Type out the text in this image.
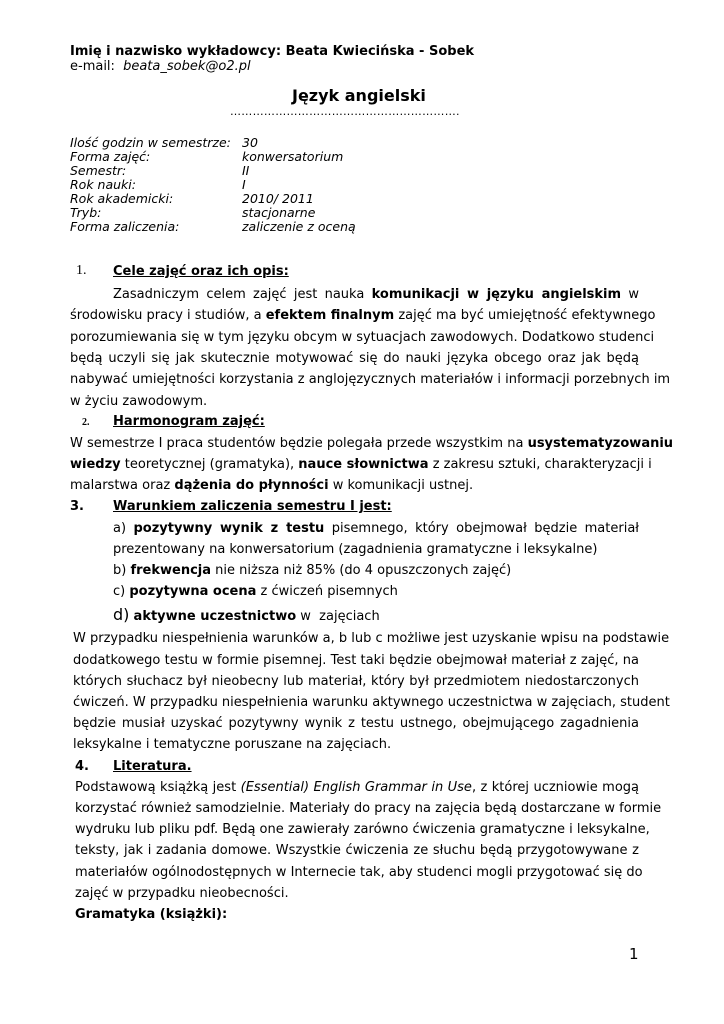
Imię i nazwisko wykładowcy: Beata Kwiecińska - Sobek
e-mail: beata_sobek@o2.pl
Język angielski
…………………………………………………….
Ilość godzin w semestrze: 30
Forma zajęć:	konwersatorium
Semestr:	II
Rok nauki:	I
Rok akademicki:	2010/ 2011
Tryb:	stacjonarne
Forma zaliczenia:	zaliczenie z oceną
1. Cele zajęć oraz ich opis:
Zasadniczym celem zajęć jest nauka komunikacji w języku angielskim w
środowisku pracy i studiów, a efektem finalnym zajęć ma być umiejętność efektywnego
porozumiewania się w tym języku obcym w sytuacjach zawodowych. Dodatkowo studenci
będą uczyli się jak skutecznie motywować się do nauki języka obcego oraz jak będą
nabywać umiejętności korzystania z anglojęzycznych materiałów i informacji porzebnych im
w życiu zawodowym.
2. Harmonogram zajęć:
W semestrze I praca studentów będzie polegała przede wszystkim na usystematyzowaniu
wiedzy teoretycznej (gramatyka), nauce słownictwa z zakresu sztuki, charakteryzacji i
malarstwa oraz dążenia do płynności w komunikacji ustnej.
3. Warunkiem zaliczenia semestru I jest:
a) pozytywny wynik z testu pisemnego, który obejmował będzie materiał
prezentowany na konwersatorium (zagadnienia gramatyczne i leksykalne)
b) frekwencja nie niższa niż 85% (do 4 opuszczonych zajęć)
c) pozytywna ocena z ćwiczeń pisemnych
d) aktywne uczestnictwo w  zajęciach
W przypadku niespełnienia warunków a, b lub c możliwe jest uzyskanie wpisu na podstawie
dodatkowego testu w formie pisemnej. Test taki będzie obejmował materiał z zajęć, na
których słuchacz był nieobecny lub materiał, który był przedmiotem niedostarczonych
ćwiczeń. W przypadku niespełnienia warunku aktywnego uczestnictwa w zajęciach, student
będzie musiał uzyskać pozytywny wynik z testu ustnego, obejmującego zagadnienia
leksykalne i tematyczne poruszane na zajęciach.
4. Literatura.
Podstawową książką jest (Essential) English Grammar in Use, z której uczniowie mogą
korzystać również samodzielnie. Materiały do pracy na zajęcia będą dostarczane w formie
wydruku lub pliku pdf. Będą one zawierały zarówno ćwiczenia gramatyczne i leksykalne,
teksty, jak i zadania domowe. Wszystkie ćwiczenia ze słuchu będą przygotowywane z
materiałów ogólnodostępnych w Internecie tak, aby studenci mogli przygotować się do
zajęć w przypadku nieobecności.
Gramatyka (książki):
1
